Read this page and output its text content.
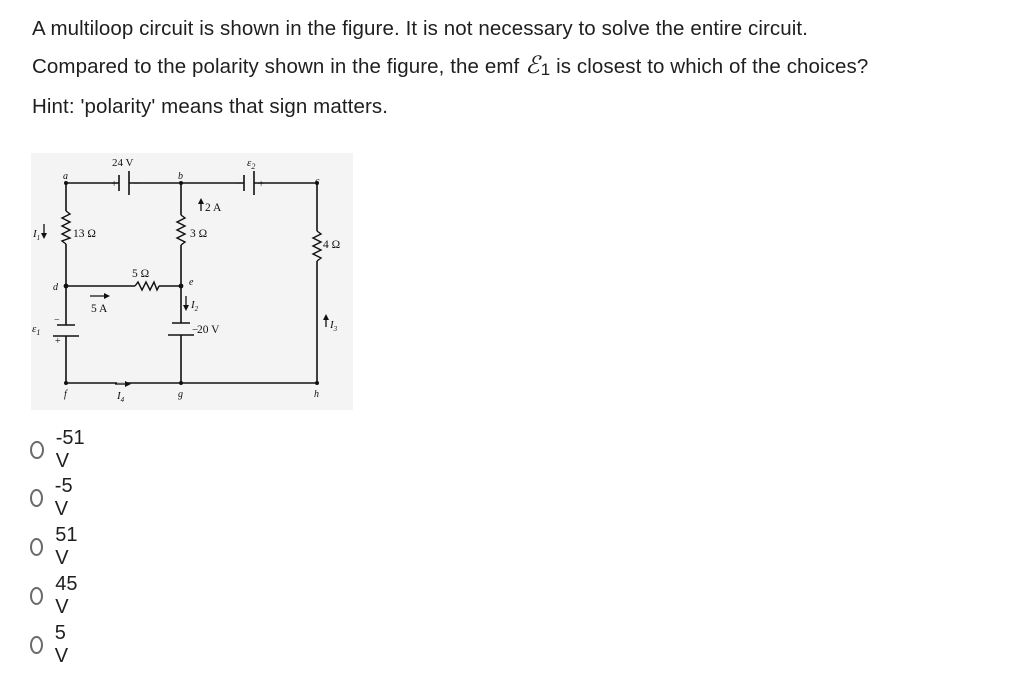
A multiloop circuit is shown in the figure. It is not necessary to solve the entire circuit.
Compared to the polarity shown in the figure, the emf ℰ1 is closest to which of the choices?
Hint: 'polarity' means that sign matters.
24 V
+ −
$\varepsilon_2$
− +
a	b	c
d	e
f	g	h
$I_1$	13 Ω
2 A
3 Ω
4 Ω
5 Ω
5 A	$I_2$
20 V
−
$\varepsilon_1$
−
+
$I_3$
$I_4$
-51 V
-5 V
51 V
45 V
5 V
